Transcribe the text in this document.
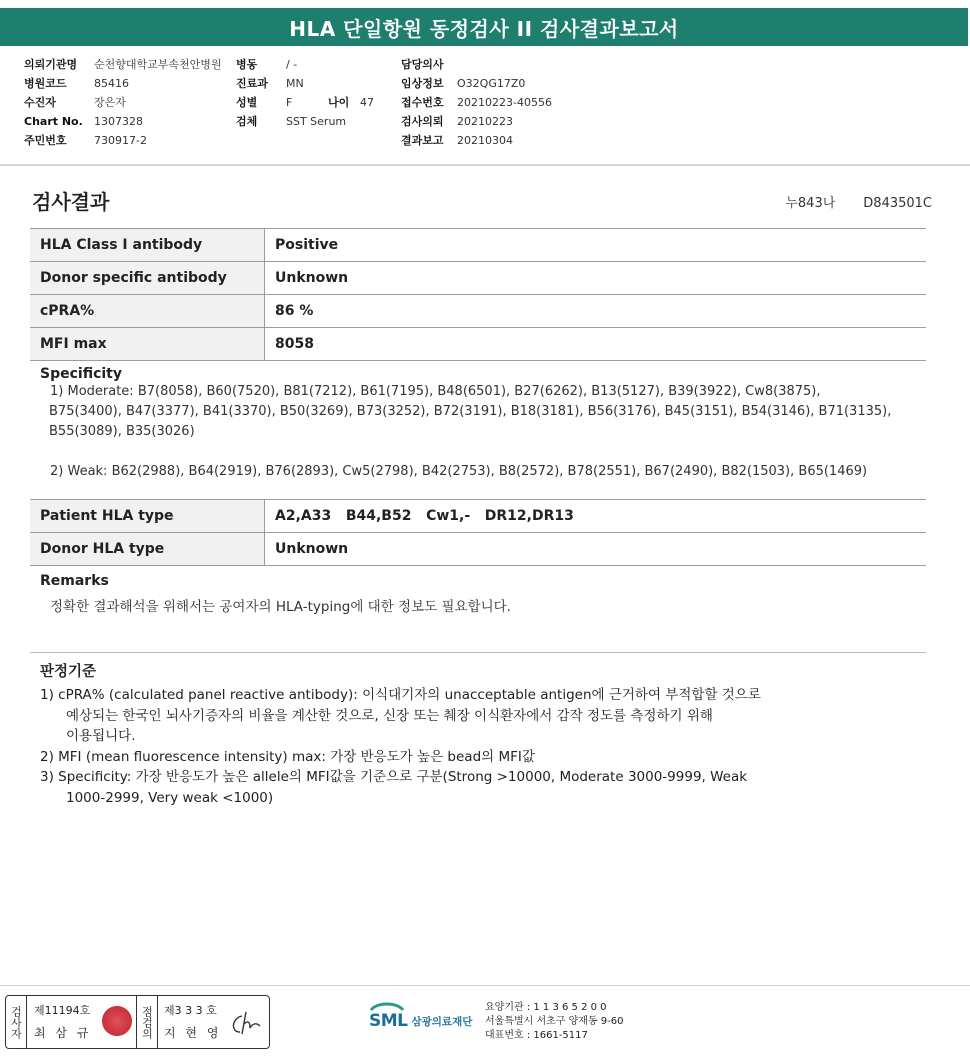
HLA 단일항원 동정검사 II 검사결과보고서
의뢰기관명	순천향대학교부속천안병원
병원코드	85416
수진자	장은자
Chart No.	1307328
주민번호	730917-2
병동	/ -
진료과	MN
성별	F	나이 47
검체	SST Serum
담당의사
임상정보	O32QG17Z0
접수번호	20210223-40556
검사의뢰	20210223
결과보고	20210304
검사결과	누843나 D843501C
HLA Class I antibody	Positive
Donor specific antibody	Unknown
cPRA%	86 %
MFI max	8058
Specificity
1) Moderate: B7(8058), B60(7520), B81(7212), B61(7195), B48(6501), B27(6262), B13(5127), B39(3922), Cw8(3875),
B75(3400), B47(3377), B41(3370), B50(3269), B73(3252), B72(3191), B18(3181), B56(3176), B45(3151), B54(3146), B71(3135),
B55(3089), B35(3026)
2) Weak: B62(2988), B64(2919), B76(2893), Cw5(2798), B42(2753), B8(2572), B78(2551), B67(2490), B82(1503), B65(1469)
Patient HLA type	A2,A33   B44,B52   Cw1,-   DR12,DR13
Donor HLA type	Unknown
Remarks
정확한 결과해석을 위해서는 공여자의 HLA-typing에 대한 정보도 필요합니다.
판정기준
1) cPRA% (calculated panel reactive antibody): 이식대기자의 unacceptable antigen에 근거하여 부적합할 것으로
예상되는 한국인 뇌사기증자의 비율을 계산한 것으로, 신장 또는 췌장 이식환자에서 감작 정도를 측정하기 위해
이용됩니다.
2) MFI (mean fluorescence intensity) max: 가장 반응도가 높은 bead의 MFI값
3) Specificity: 가장 반응도가 높은 allele의 MFI값을 기준으로 구분(Strong >10000, Moderate 3000-9999, Weak
1000-2999, Very weak <1000)
검사자 제11194호
최 삼 규	점검의 제3 3 3 호
지 현 영
SML 삼광의료재단
요양기관 : 1 1 3 6 5 2 0 0
서울특별시 서초구 양재동 9-60
대표번호 : 1661-5117
